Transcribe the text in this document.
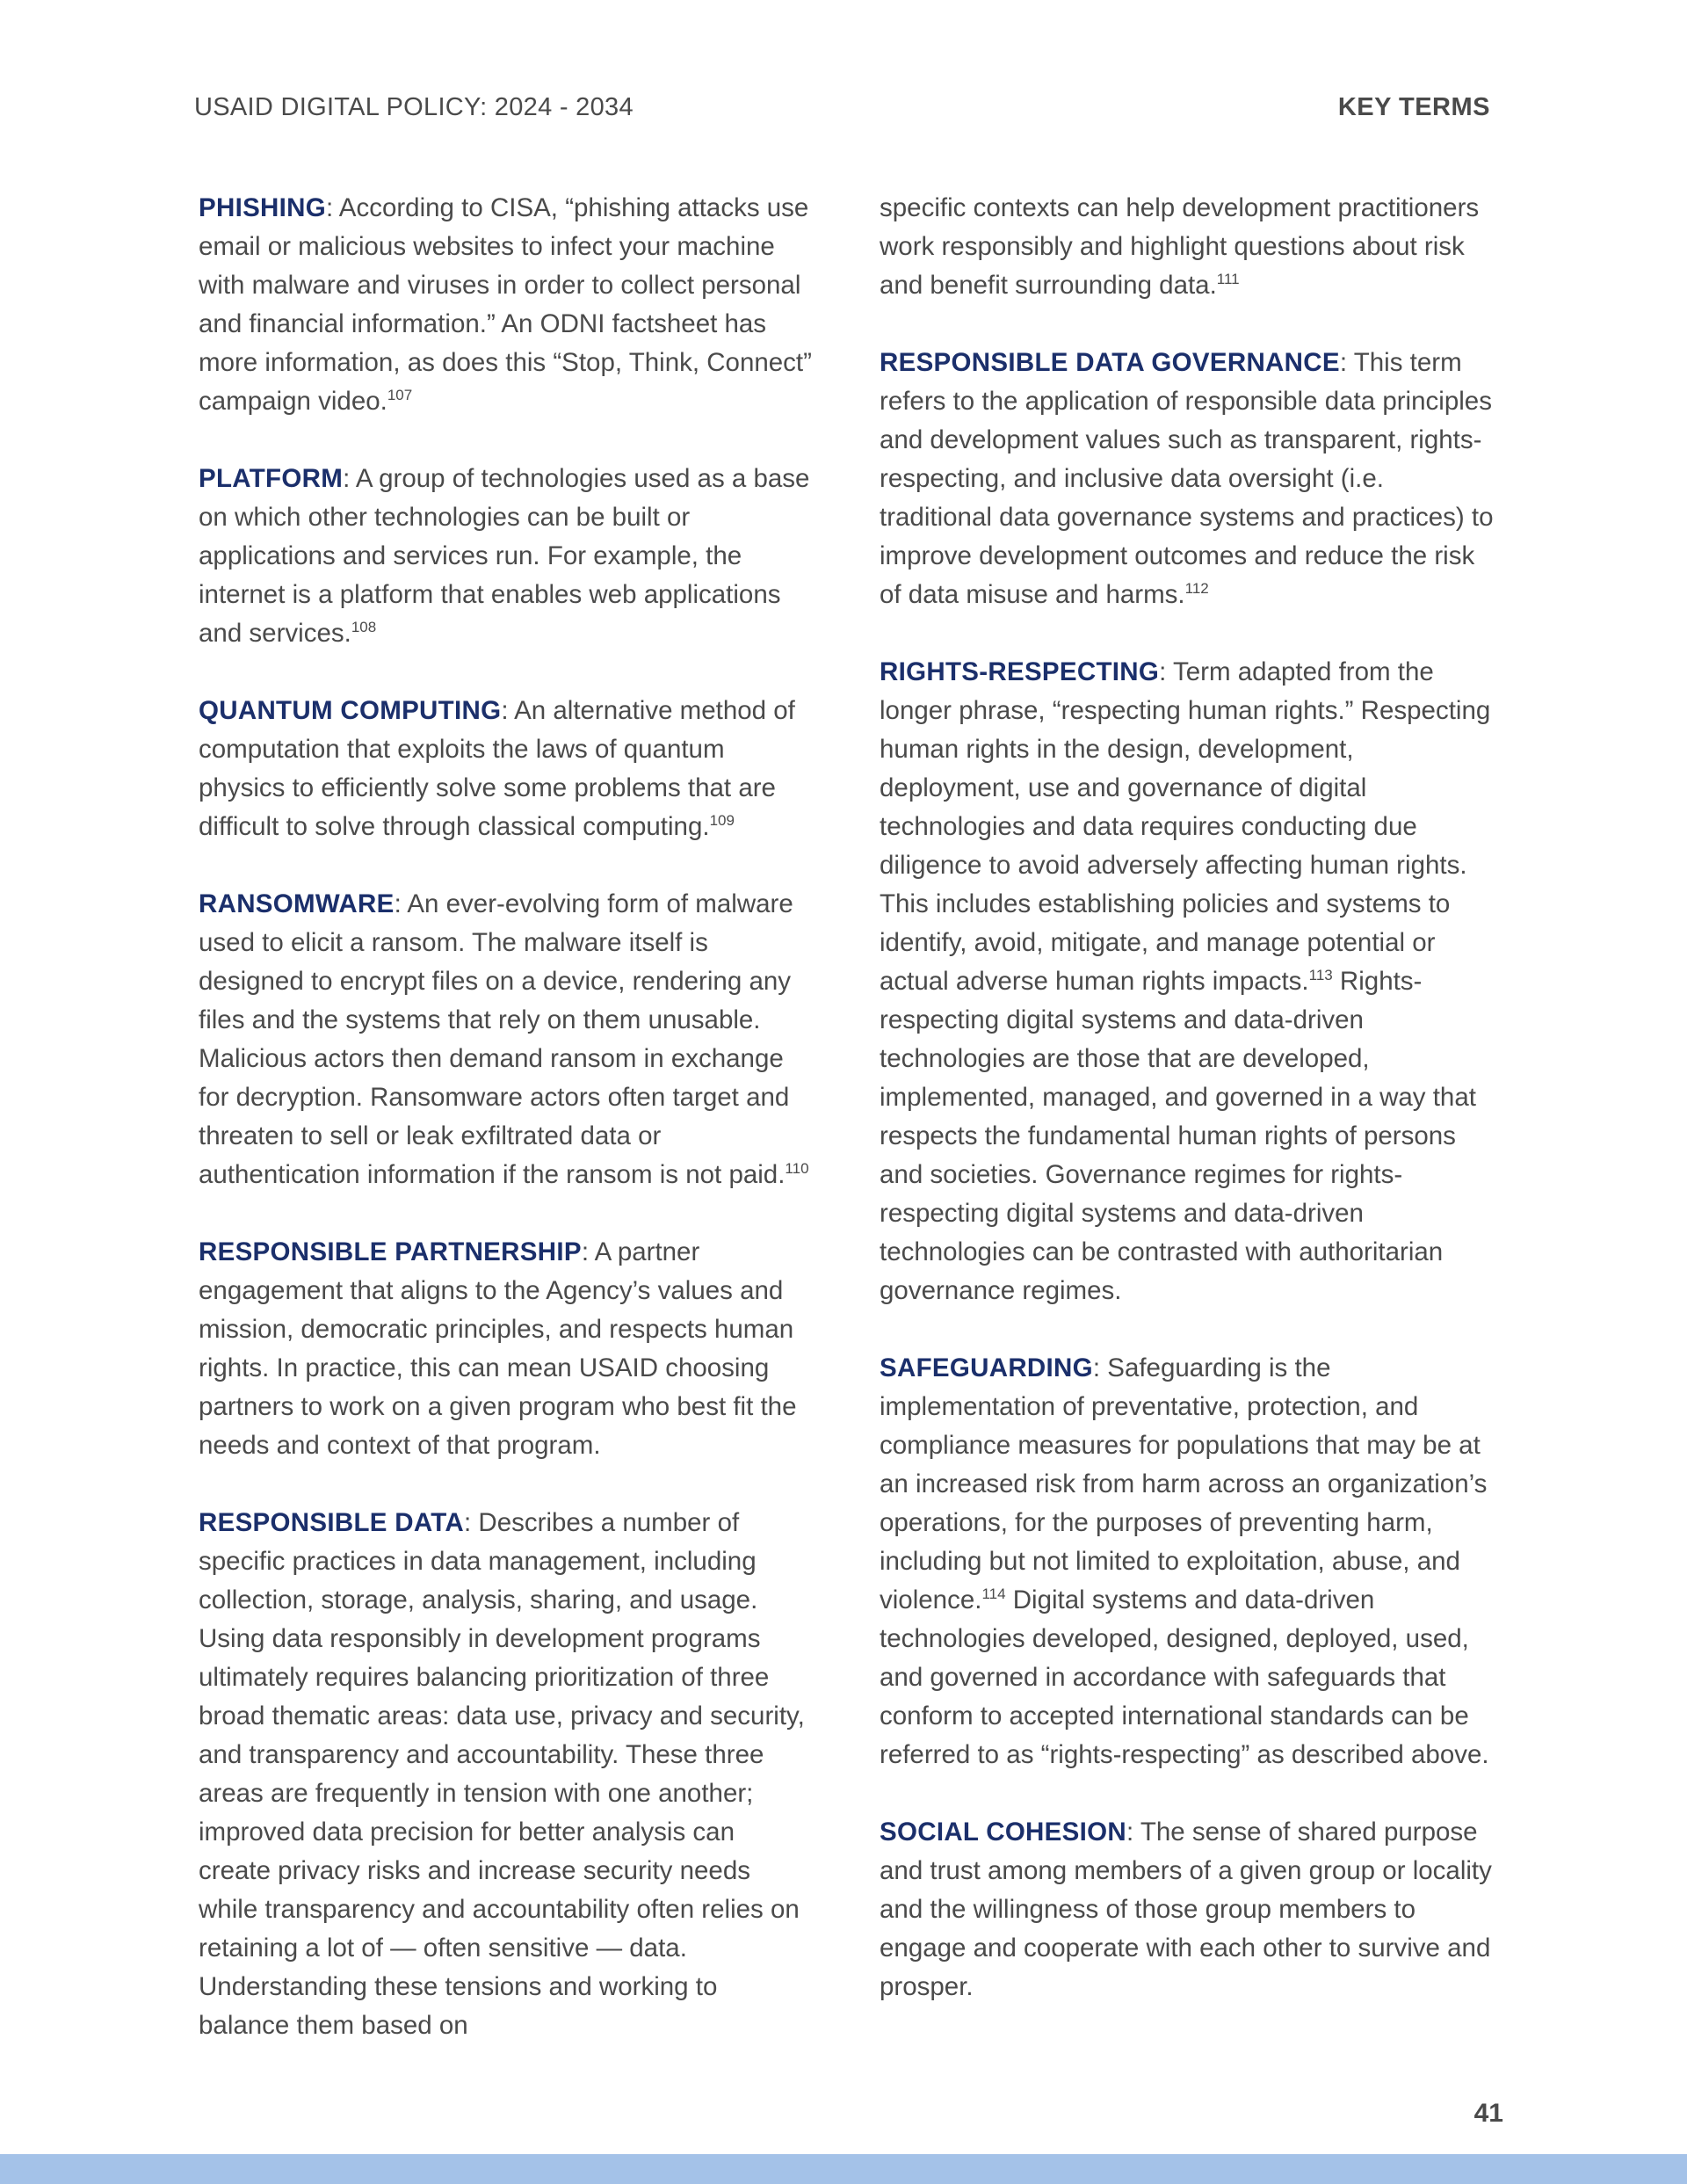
USAID DIGITAL POLICY: 2024 - 2034	KEY TERMS

PHISHING: According to CISA, “phishing attacks use email or malicious websites to infect your machine with malware and viruses in order to collect personal and financial information.” An ODNI factsheet has more information, as does this “Stop, Think, Connect” campaign video.$^{107}$

PLATFORM: A group of technologies used as a base on which other technologies can be built or applications and services run. For example, the internet is a platform that enables web applications and services.$^{108}$

QUANTUM COMPUTING: An alternative method of computation that exploits the laws of quantum physics to efficiently solve some problems that are difficult to solve through classical computing.$^{109}$

RANSOMWARE: An ever-evolving form of malware used to elicit a ransom. The malware itself is designed to encrypt files on a device, rendering any files and the systems that rely on them unusable. Malicious actors then demand ransom in exchange for decryption. Ransomware actors often target and threaten to sell or leak exfiltrated data or authentication information if the ransom is not paid.$^{110}$

RESPONSIBLE PARTNERSHIP: A partner engagement that aligns to the Agency’s values and mission, democratic principles, and respects human rights. In practice, this can mean USAID choosing partners to work on a given program who best fit the needs and context of that program.

RESPONSIBLE DATA: Describes a number of specific practices in data management, including collection, storage, analysis, sharing, and usage. Using data responsibly in development programs ultimately requires balancing prioritization of three broad thematic areas: data use, privacy and security, and transparency and accountability. These three areas are frequently in tension with one another; improved data precision for better analysis can create privacy risks and increase security needs while transparency and accountability often relies on retaining a lot of — often sensitive — data. Understanding these tensions and working to balance them based on

specific contexts can help development practitioners work responsibly and highlight questions about risk and benefit surrounding data.$^{111}$

RESPONSIBLE DATA GOVERNANCE: This term refers to the application of responsible data principles and development values such as transparent, rights-respecting, and inclusive data oversight (i.e. traditional data governance systems and practices) to improve development outcomes and reduce the risk of data misuse and harms.$^{112}$

RIGHTS-RESPECTING: Term adapted from the longer phrase, “respecting human rights.” Respecting human rights in the design, development, deployment, use and governance of digital technologies and data requires conducting due diligence to avoid adversely affecting human rights. This includes establishing policies and systems to identify, avoid, mitigate, and manage potential or actual adverse human rights impacts.$^{113}$ Rights-respecting digital systems and data-driven technologies are those that are developed, implemented, managed, and governed in a way that respects the fundamental human rights of persons and societies. Governance regimes for rights-respecting digital systems and data-driven technologies can be contrasted with authoritarian governance regimes.

SAFEGUARDING: Safeguarding is the implementation of preventative, protection, and compliance measures for populations that may be at an increased risk from harm across an organization’s operations, for the purposes of preventing harm, including but not limited to exploitation, abuse, and violence.$^{114}$ Digital systems and data-driven technologies developed, designed, deployed, used, and governed in accordance with safeguards that conform to accepted international standards can be referred to as “rights-respecting” as described above.

SOCIAL COHESION: The sense of shared purpose and trust among members of a given group or locality and the willingness of those group members to engage and cooperate with each other to survive and prosper.

41
